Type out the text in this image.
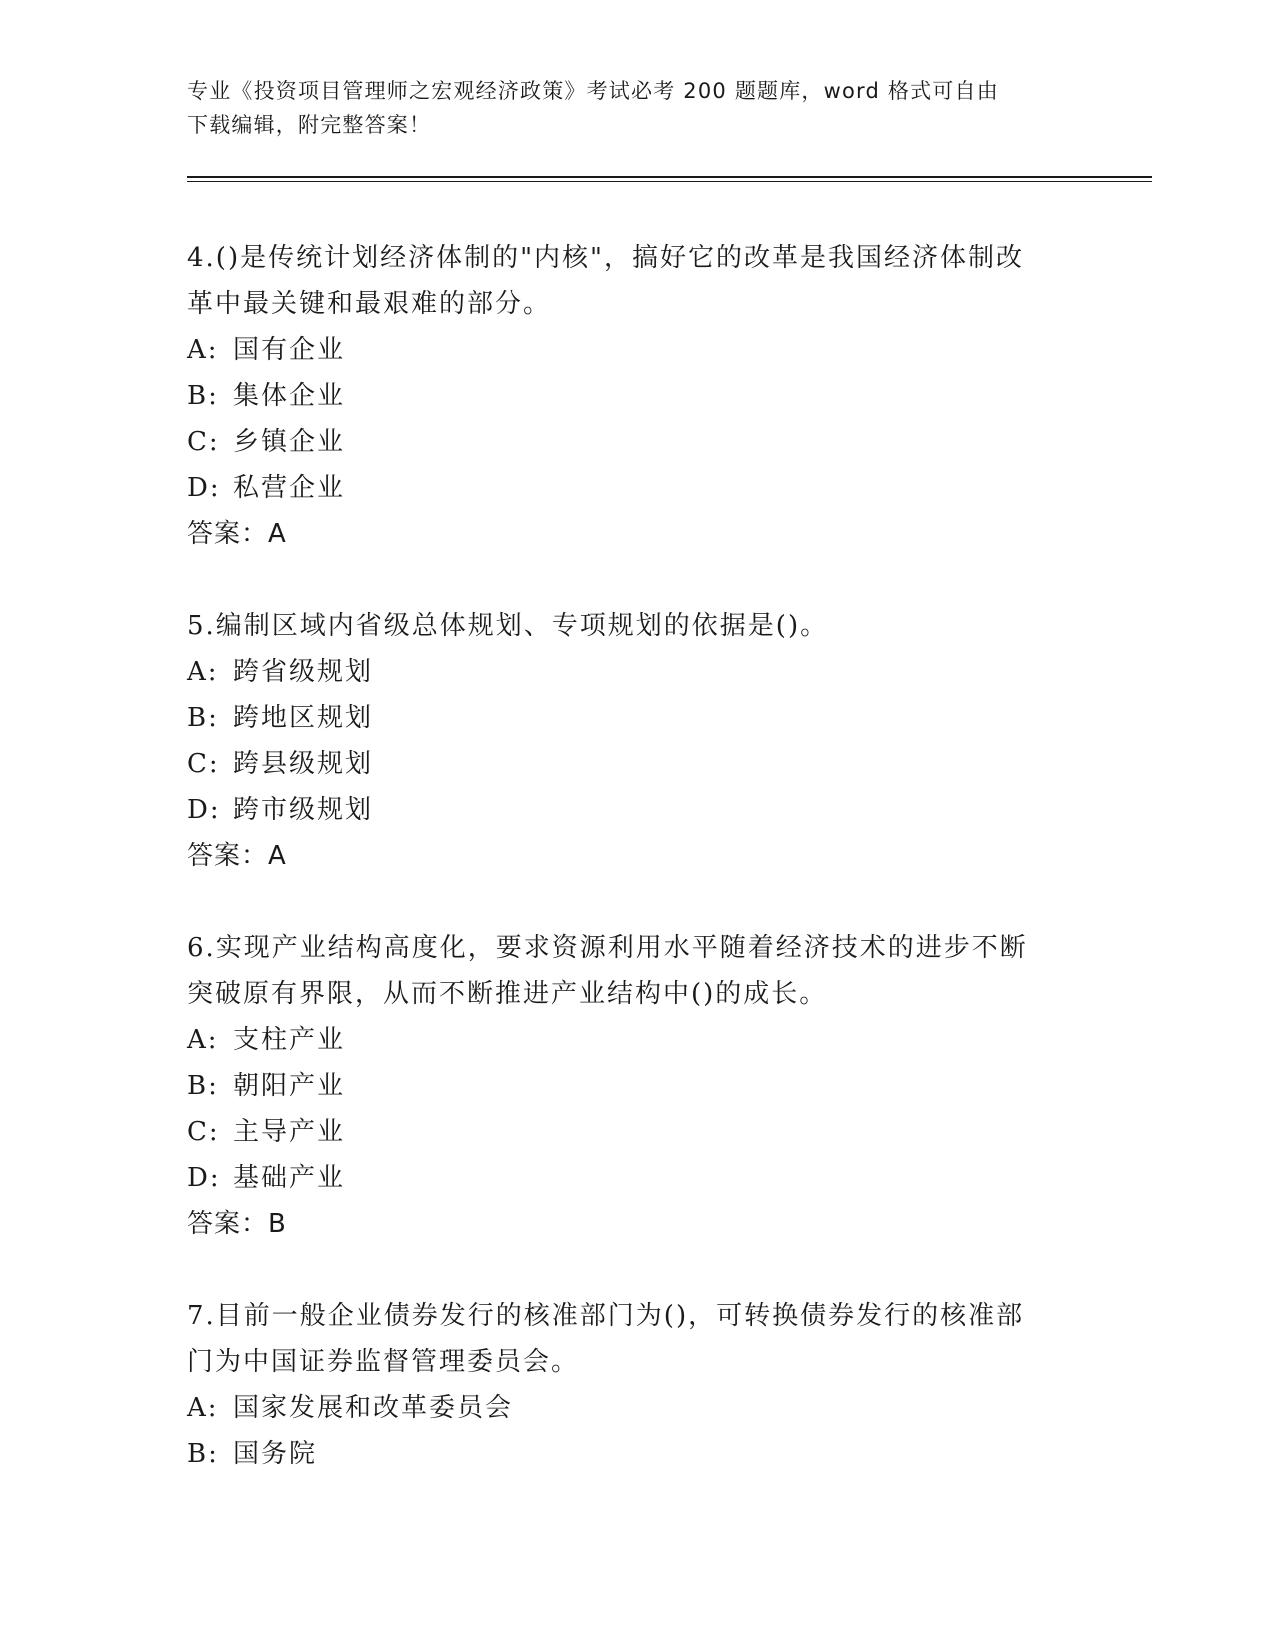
专业《投资项目管理师之宏观经济政策》考试必考 200 题题库，word 格式可自由
下载编辑，附完整答案！
4.()是传统计划经济体制的"内核"，搞好它的改革是我国经济体制改
革中最关键和最艰难的部分。
A: 国有企业
B: 集体企业
C: 乡镇企业
D: 私营企业
答案：A
5.编制区域内省级总体规划、专项规划的依据是()。
A: 跨省级规划
B: 跨地区规划
C: 跨县级规划
D: 跨市级规划
答案：A
6.实现产业结构高度化，要求资源利用水平随着经济技术的进步不断
突破原有界限，从而不断推进产业结构中()的成长。
A: 支柱产业
B: 朝阳产业
C: 主导产业
D: 基础产业
答案：B
7.目前一般企业债券发行的核准部门为()，可转换债券发行的核准部
门为中国证券监督管理委员会。
A: 国家发展和改革委员会
B: 国务院
